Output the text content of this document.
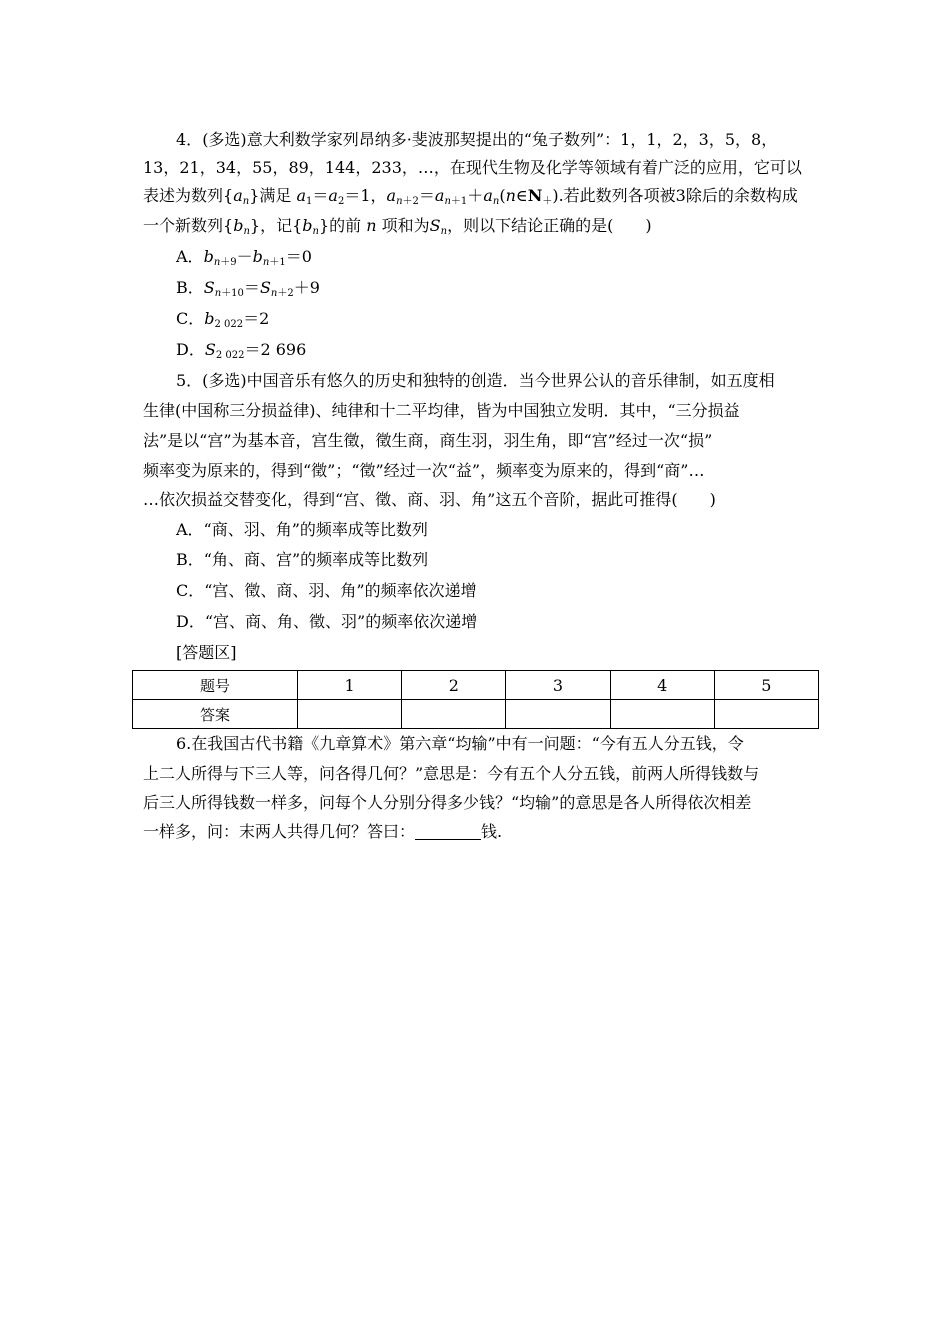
4．(多选)意大利数学家列昂纳多·斐波那契提出的“兔子数列”：1，1，2，3，5，8，
13，21，34，55，89，144，233，…，在现代生物及化学等领域有着广泛的应用，它可以
表述为数列$\{a_n\}$满足 $a_1=a_2=1$，$a_{n+2}=a_{n+1}+a_n(n\in N_+)$.若此数列各项被3除后的余数构成
一个新数列$\{b_n\}$，记$\{b_n\}$的前 n 项和为$S_n$，则以下结论正确的是(　　)
A．$b_{n+9}-b_{n+1}=0$
B．$S_{n+10}=S_{n+2}+9$
C．$b_{2 022}=2$
D．$S_{2 022}=2$ 696
5．(多选)中国音乐有悠久的历史和独特的创造．当今世界公认的音乐律制，如五度相
生律(中国称三分损益律)、纯律和十二平均律，皆为中国独立发明．其中，“三分损益
法”是以“宫”为基本音，宫生徵，徵生商，商生羽，羽生角，即“宫”经过一次“损”
频率变为原来的，得到“徵”；“徵”经过一次“益”，频率变为原来的，得到“商”…
…依次损益交替变化，得到“宫、徵、商、羽、角”这五个音阶，据此可推得(　　)
A．“商、羽、角”的频率成等比数列
B．“角、商、宫”的频率成等比数列
C．“宫、徵、商、羽、角”的频率依次递增
D．“宫、商、角、徵、羽”的频率依次递增
[答题区]
题号	1	2	3	4	5
答案					
6.在我国古代书籍《九章算术》第六章“均输”中有一问题：“今有五人分五钱，令
上二人所得与下三人等，问各得几何？”意思是：今有五个人分五钱，前两人所得钱数与
后三人所得钱数一样多，问每个人分别分得多少钱？“均输”的意思是各人所得依次相差
一样多，问：末两人共得几何？答曰：	钱.
